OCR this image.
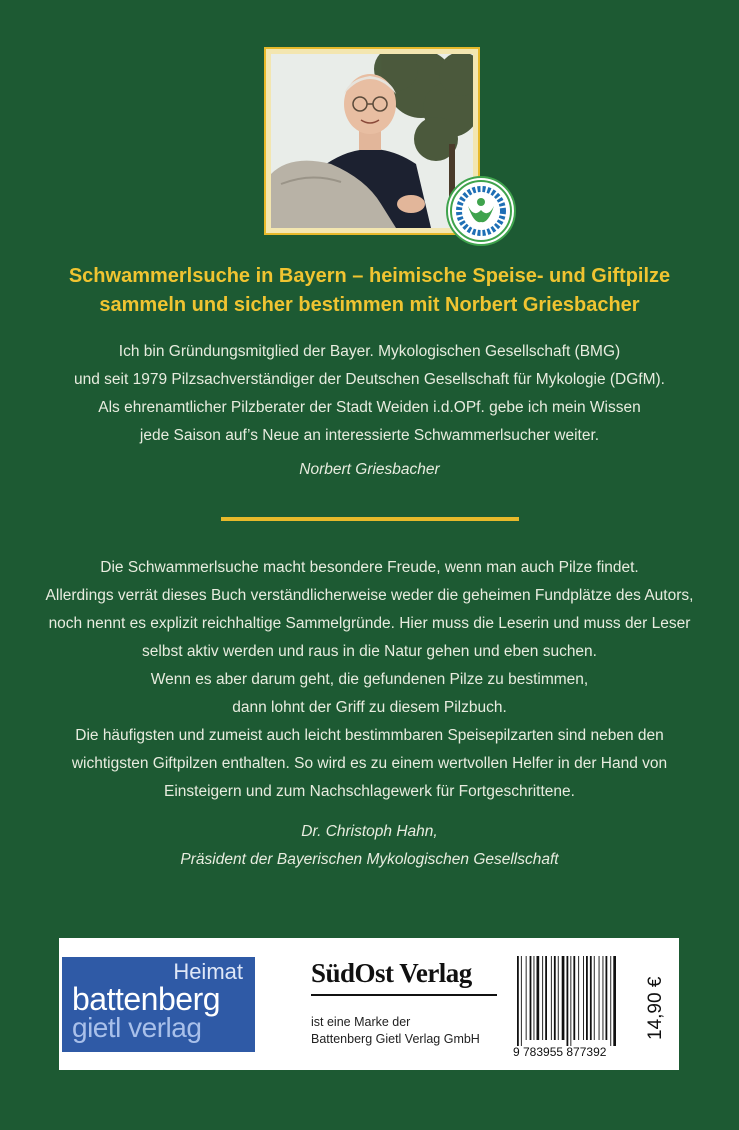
Schwammerlsuche in Bayern – heimische Speise- und Giftpilze
sammeln und sicher bestimmen mit Norbert Griesbacher
Ich bin Gründungsmitglied der Bayer. Mykologischen Gesellschaft (BMG)
und seit 1979 Pilzsachverständiger der Deutschen Gesellschaft für Mykologie (DGfM).
Als ehrenamtlicher Pilzberater der Stadt Weiden i.d.OPf. gebe ich mein Wissen
jede Saison auf’s Neue an interessierte Schwammerlsucher weiter.
Norbert Griesbacher
Die Schwammerlsuche macht besondere Freude, wenn man auch Pilze findet.
Allerdings verrät dieses Buch verständlicherweise weder die geheimen Fundplätze des Autors,
noch nennt es explizit reichhaltige Sammelgründe. Hier muss die Leserin und muss der Leser
selbst aktiv werden und raus in die Natur gehen und eben suchen.
Wenn es aber darum geht, die gefundenen Pilze zu bestimmen,
dann lohnt der Griff zu diesem Pilzbuch.
Die häufigsten und zumeist auch leicht bestimmbaren Speisepilzarten sind neben den
wichtigsten Giftpilzen enthalten. So wird es zu einem wertvollen Helfer in der Hand von
Einsteigern und zum Nachschlagewerk für Fortgeschrittene.
Dr. Christoph Hahn,
Präsident der Bayerischen Mykologischen Gesellschaft
Heimat
battenberg
gietl verlag
SüdOst Verlag
ist eine Marke der
Battenberg Gietl Verlag GmbH
9 783955 877392
14,90 €
